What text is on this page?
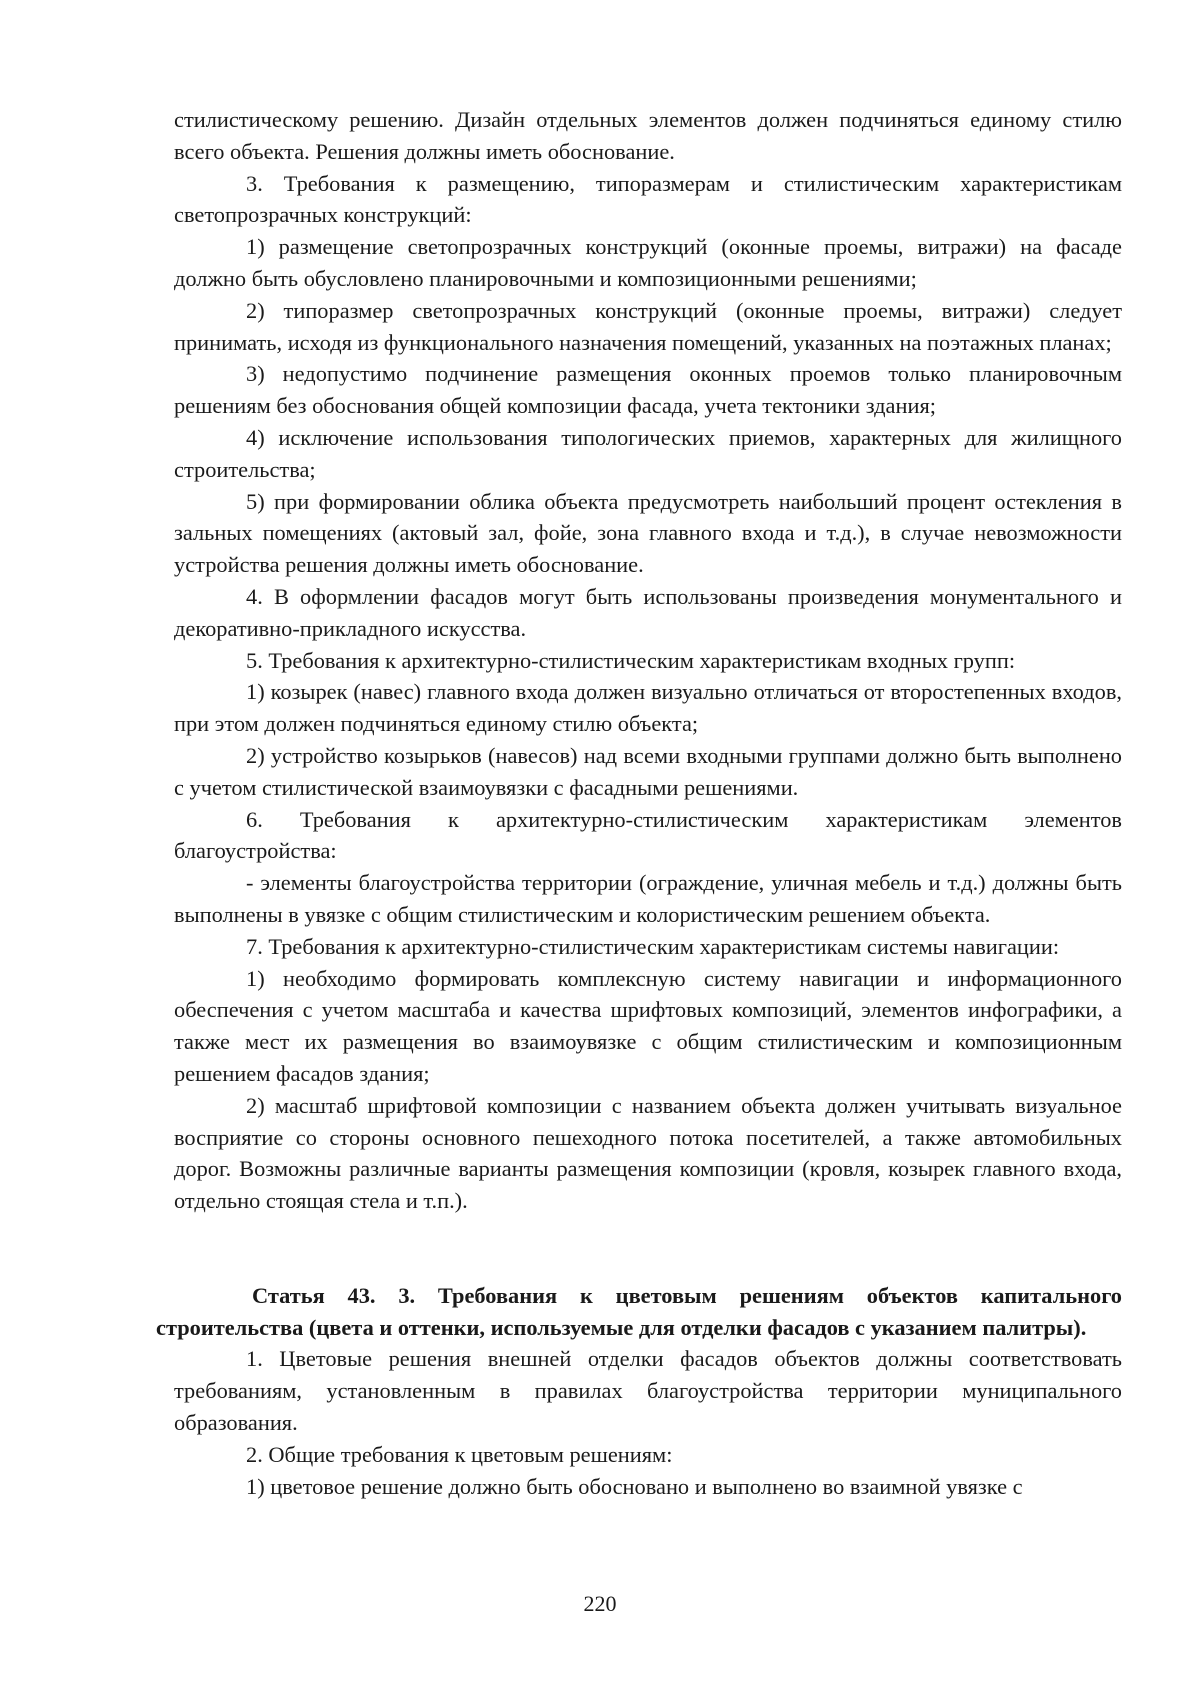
стилистическому решению. Дизайн отдельных элементов должен подчиняться единому стилю всего объекта. Решения должны иметь обоснование.

3. Требования к размещению, типоразмерам и стилистическим характеристикам светопрозрачных конструкций:

1) размещение светопрозрачных конструкций (оконные проемы, витражи) на фасаде должно быть обусловлено планировочными и композиционными решениями;

2) типоразмер светопрозрачных конструкций (оконные проемы, витражи) следует принимать, исходя из функционального назначения помещений, указанных на поэтажных планах;

3) недопустимо подчинение размещения оконных проемов только планировочным решениям без обоснования общей композиции фасада, учета тектоники здания;

4) исключение использования типологических приемов, характерных для жилищного строительства;

5) при формировании облика объекта предусмотреть наибольший процент остекления в зальных помещениях (актовый зал, фойе, зона главного входа и т.д.), в случае невозможности устройства решения должны иметь обоснование.

4. В оформлении фасадов могут быть использованы произведения монументального и декоративно-прикладного искусства.

5. Требования к архитектурно-стилистическим характеристикам входных групп:

1) козырек (навес) главного входа должен визуально отличаться от второстепенных входов, при этом должен подчиняться единому стилю объекта;

2) устройство козырьков (навесов) над всеми входными группами должно быть выполнено с учетом стилистической взаимоувязки с фасадными решениями.

6. Требования к архитектурно-стилистическим характеристикам элементов благоустройства:

- элементы благоустройства территории (ограждение, уличная мебель и т.д.) должны быть выполнены в увязке с общим стилистическим и колористическим решением объекта.

7. Требования к архитектурно-стилистическим характеристикам системы навигации:

1) необходимо формировать комплексную систему навигации и информационного обеспечения с учетом масштаба и качества шрифтовых композиций, элементов инфографики, а также мест их размещения во взаимоувязке с общим стилистическим и композиционным решением фасадов здания;

2) масштаб шрифтовой композиции с названием объекта должен учитывать визуальное восприятие со стороны основного пешеходного потока посетителей, а также автомобильных дорог. Возможны различные варианты размещения композиции (кровля, козырек главного входа, отдельно стоящая стела и т.п.).

Статья 43. 3. Требования к цветовым решениям объектов капитального строительства (цвета и оттенки, используемые для отделки фасадов с указанием палитры).

1. Цветовые решения внешней отделки фасадов объектов должны соответствовать требованиям, установленным в правилах благоустройства территории муниципального образования.

2. Общие требования к цветовым решениям:

1) цветовое решение должно быть обосновано и выполнено во взаимной увязке с

220
